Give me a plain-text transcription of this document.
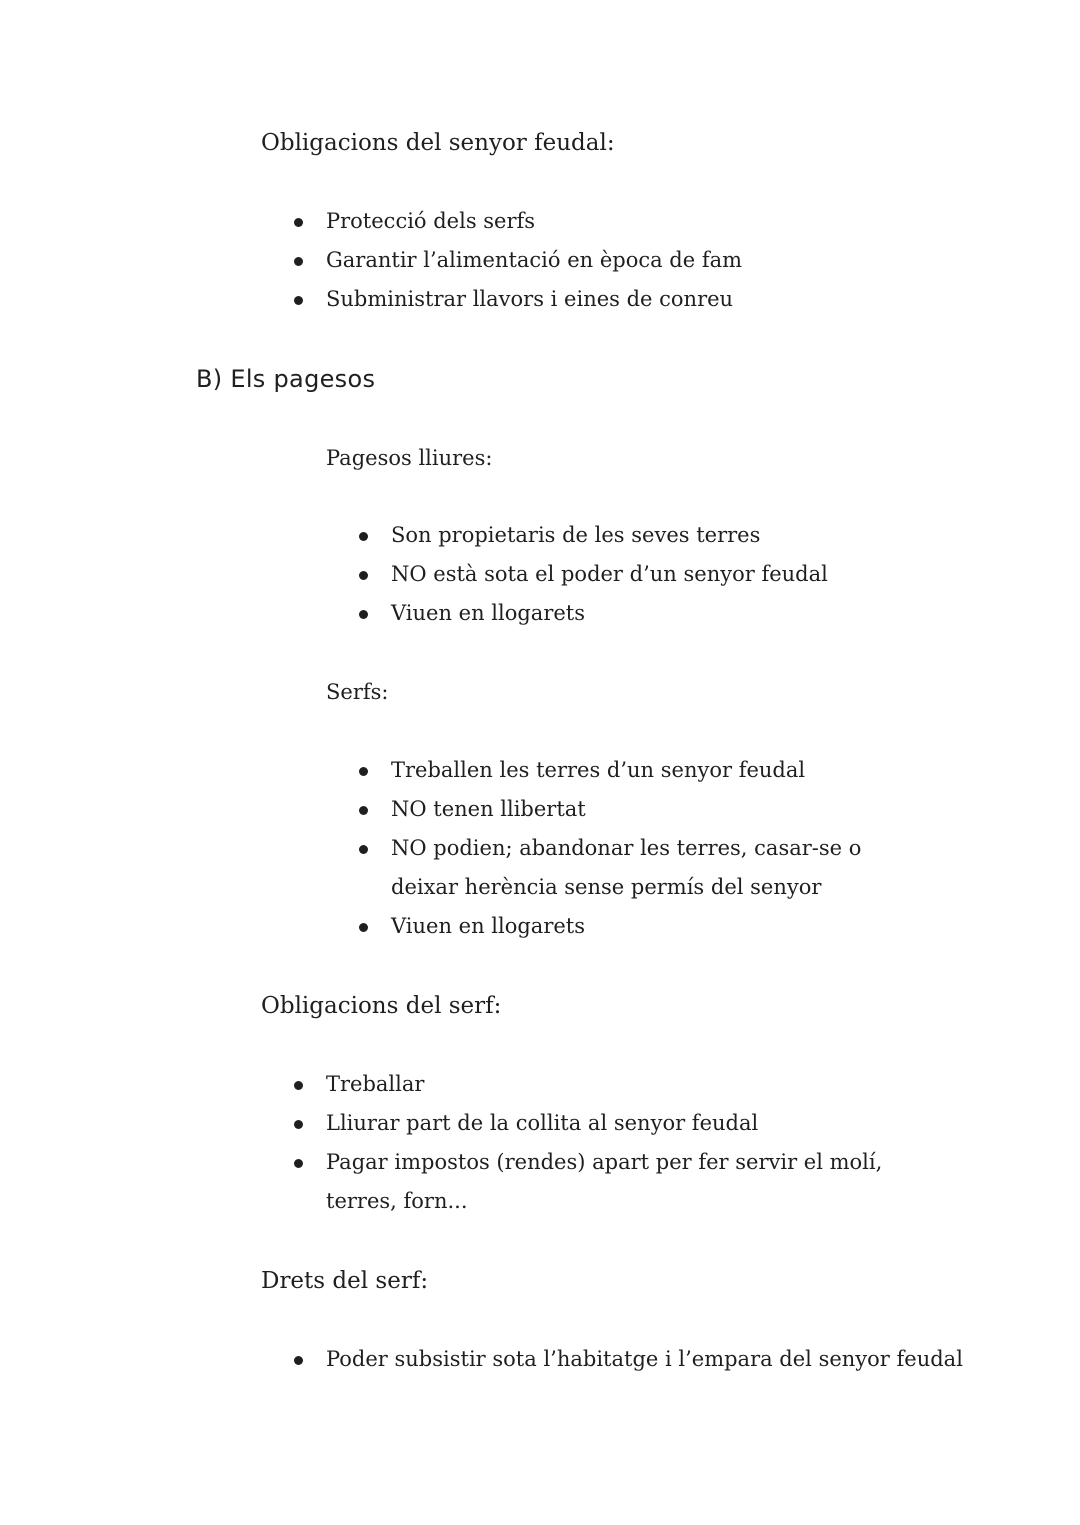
Obligacions del senyor feudal:
Protecció dels serfs
Garantir l’alimentació en època de fam
Subministrar llavors i eines de conreu
B) Els pagesos
Pagesos lliures:
Son propietaris de les seves terres
NO està sota el poder d’un senyor feudal
Viuen en llogarets
Serfs:
Treballen les terres d’un senyor feudal
NO tenen llibertat
NO podien; abandonar les terres, casar-se o deixar herència sense permís del senyor
Viuen en llogarets
Obligacions del serf:
Treballar
Lliurar part de la collita al senyor feudal
Pagar impostos (rendes) apart per fer servir el molí, terres, forn...
Drets del serf:
Poder subsistir sota l’habitatge i l’empara del senyor feudal
